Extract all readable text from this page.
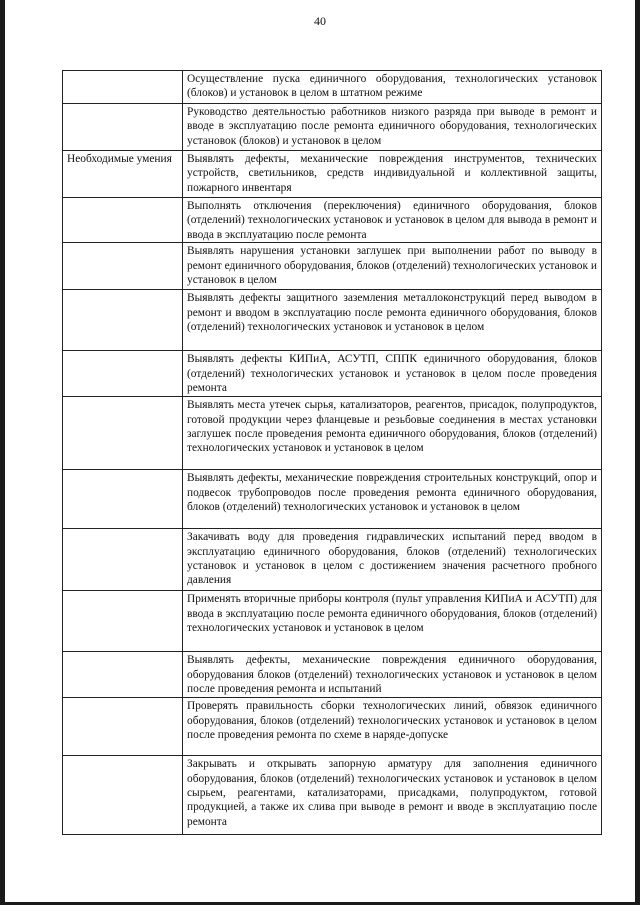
40
	Осуществление пуска единичного оборудования, технологических установок (блоков) и установок в целом в штатном режиме
	Руководство деятельностью работников низкого разряда при выводе в ремонт и вводе в эксплуатацию после ремонта единичного оборудования, технологических установок (блоков) и установок в целом
Необходимые умения	Выявлять дефекты, механические повреждения инструментов, технических устройств, светильников, средств индивидуальной и коллективной защиты, пожарного инвентаря
	Выполнять отключения (переключения) единичного оборудования, блоков (отделений) технологических установок и установок в целом для вывода в ремонт и ввода в эксплуатацию после ремонта
	Выявлять нарушения установки заглушек при выполнении работ по выводу в ремонт единичного оборудования, блоков (отделений) технологических установок и установок в целом
	Выявлять дефекты защитного заземления металлоконструкций перед выводом в ремонт и вводом в эксплуатацию после ремонта единичного оборудования, блоков (отделений) технологических установок и установок в целом
	Выявлять дефекты КИПиА, АСУТП, СППК единичного оборудования, блоков (отделений) технологических установок и установок в целом после проведения ремонта
	Выявлять места утечек сырья, катализаторов, реагентов, присадок, полупродуктов, готовой продукции через фланцевые и резьбовые соединения в местах установки заглушек после проведения ремонта единичного оборудования, блоков (отделений) технологических установок и установок в целом
	Выявлять дефекты, механические повреждения строительных конструкций, опор и подвесок трубопроводов после проведения ремонта единичного оборудования, блоков (отделений) технологических установок и установок в целом
	Закачивать воду для проведения гидравлических испытаний перед вводом в эксплуатацию единичного оборудования, блоков (отделений) технологических установок и установок в целом с достижением значения расчетного пробного давления
	Применять вторичные приборы контроля (пульт управления КИПиА и АСУТП) для ввода в эксплуатацию после ремонта единичного оборудования, блоков (отделений) технологических установок и установок в целом
	Выявлять дефекты, механические повреждения единичного оборудования, оборудования блоков (отделений) технологических установок и установок в целом после проведения ремонта и испытаний
	Проверять правильность сборки технологических линий, обвязок единичного оборудования, блоков (отделений) технологических установок и установок в целом после проведения ремонта по схеме в наряде-допуске
	Закрывать и открывать запорную арматуру для заполнения единичного оборудования, блоков (отделений) технологических установок и установок в целом сырьем, реагентами, катализаторами, присадками, полупродуктом, готовой продукцией, а также их слива при выводе в ремонт и вводе в эксплуатацию после ремонта
